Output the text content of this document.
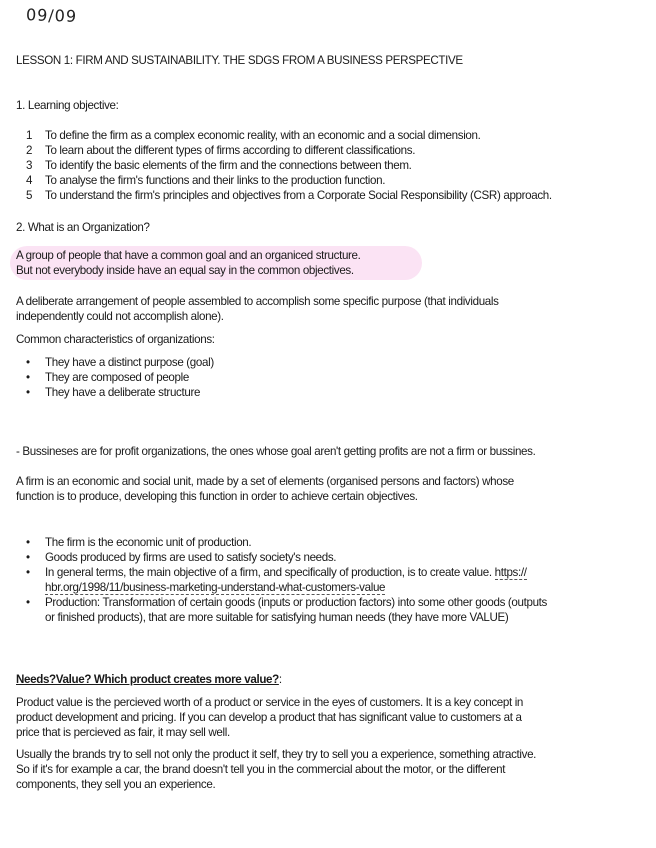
09/09
LESSON 1: FIRM AND SUSTAINABILITY. THE SDGS FROM A BUSINESS PERSPECTIVE
1. Learning objective:
1	To define the firm as a complex economic reality, with an economic and a social dimension.
2	To learn about the different types of firms according to different classifications.
3	To identify the basic elements of the firm and the connections between them.
4	To analyse the firm's functions and their links to the production function.
5	To understand the firm's principles and objectives from a Corporate Social Responsibility (CSR) approach.
2. What is an Organization?
A group of people that have a common goal and an organiced structure.
But not everybody inside have an equal say in the common objectives.
A deliberate arrangement of people assembled to accomplish some specific purpose (that individuals
independently could not accomplish alone).
Common characteristics of organizations:
•	They have a distinct purpose (goal)
•	They are composed of people
•	They have a deliberate structure
- Bussineses are for profit organizations, the ones whose goal aren't getting profits are not a firm or bussines.
A firm is an economic and social unit, made by a set of elements (organised persons and factors) whose
function is to produce, developing this function in order to achieve certain objectives.
•	The firm is the economic unit of production.
•	Goods produced by firms are used to satisfy society's needs.
•	In general terms, the main objective of a firm, and specifically of production, is to create value. https://
hbr.org/1998/11/business-marketing-understand-what-customers-value
•	Production: Transformation of certain goods (inputs or production factors) into some other goods (outputs
or finished products), that are more suitable for satisfying human needs (they have more VALUE)
Needs?Value? Which product creates more value?:
Product value is the percieved worth of a product or service in the eyes of customers. It is a key concept in
product development and pricing. If you can develop a product that has significant value to customers at a
price that is percieved as fair, it may sell well.
Usually the brands try to sell not only the product it self, they try to sell you a experience, something atractive.
So if it's for example a car, the brand doesn't tell you in the commercial about the motor, or the different
components, they sell you an experience.
